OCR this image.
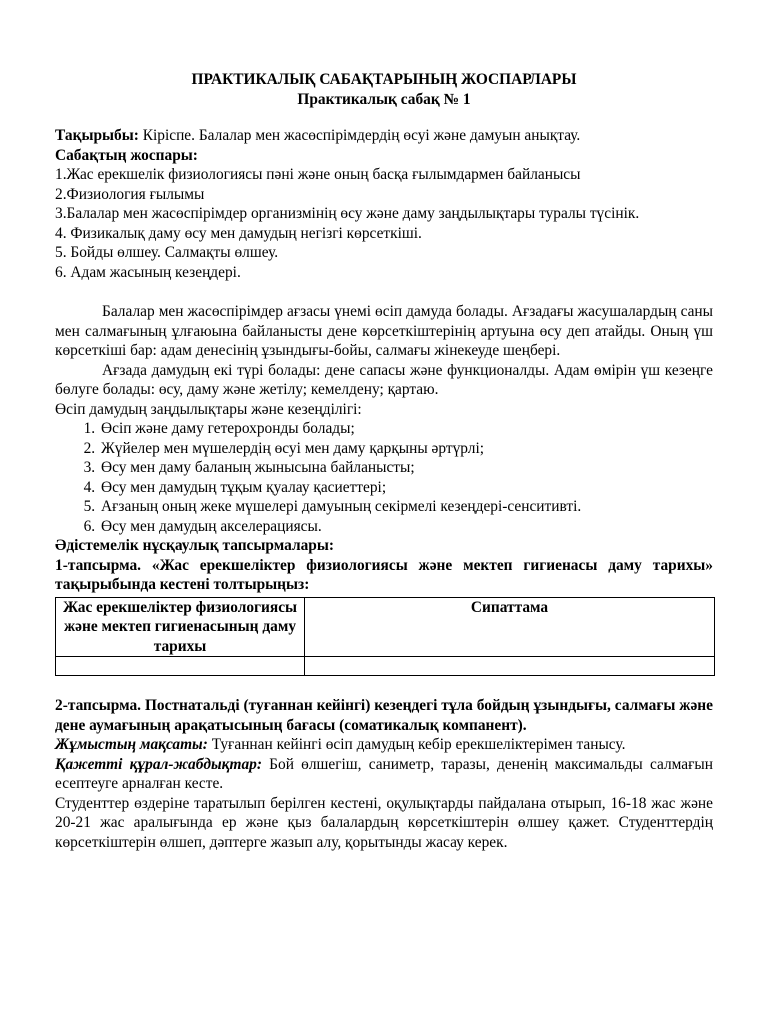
ПРАКТИКАЛЫҚ САБАҚТАРЫНЫҢ ЖОСПАРЛАРЫ

Практикалық сабақ № 1

Тақырыбы: Кіріспе. Балалар мен жасөспірімдердің өсуі және дамуын анықтау.

Сабақтың жоспары:

1.Жас ерекшелік физиологиясы пәні және оның басқа ғылымдармен байланысы

2.Физиология ғылымы

3.Балалар мен жасөспірімдер организмінің өсу және даму заңдылықтары туралы түсінік.

4. Физикалық даму өсу мен дамудың негізгі көрсеткіші.

5. Бойды өлшеу. Салмақты өлшеу.

6. Адам жасының кезеңдері.

Балалар мен жасөспірімдер ағзасы үнемі өсіп дамуда болады. Ағзадағы жасушалардың саны мен салмағының ұлғаюына байланысты дене көрсеткіштерінің артуына өсу деп атайды. Оның үш көрсеткіші бар: адам денесінің ұзындығы-бойы, салмағы жінекеуде шеңбері.

Ағзада дамудың екі түрі болады: дене сапасы және функционалды. Адам өмірін үш кезеңге бөлуге болады: өсу, даму және жетілу; кемелдену; қартаю.

Өсіп дамудың заңдылықтары және кезеңділігі:

1. Өсіп және даму гетерохронды болады;
2. Жүйелер мен мүшелердің өсуі мен даму қарқыны әртүрлі;
3. Өсу мен даму баланың жынысына байланысты;
4. Өсу мен дамудың тұқым қуалау қасиеттері;
5. Ағзаның оның жеке мүшелері дамуының секірмелі кезеңдері-сенситивті.
6. Өсу мен дамудың акселерациясы.

Әдістемелік нұсқаулық тапсырмалары:

1-тапсырма. «Жас ерекшеліктер физиологиясы және мектеп гигиенасы даму тарихы» тақырыбында кестені толтырыңыз:

Жас ерекшеліктер физиологиясы және мектеп гигиенасының даму тарихы	Сипаттама

2-тапсырма. Постнатальді (туғаннан кейінгі) кезеңдегі тұла бойдың ұзындығы, салмағы және дене аумағының арақатысының бағасы (соматикалық компанент).

Жұмыстың мақсаты: Туғаннан кейінгі өсіп дамудың кебір ерекшеліктерімен танысу.

Қажетті құрал-жабдықтар: Бой өлшегіш, саниметр, таразы, дененің максимальды салмағын есептеуге арналған кесте.

Студенттер өздеріне таратылып берілген кестені, оқулықтарды пайдалана отырып, 16-18 жас және 20-21 жас аралығында ер және қыз балалардың көрсеткіштерін өлшеу қажет. Студенттердің көрсеткіштерін өлшеп, дәптерге жазып алу, қорытынды жасау керек.
